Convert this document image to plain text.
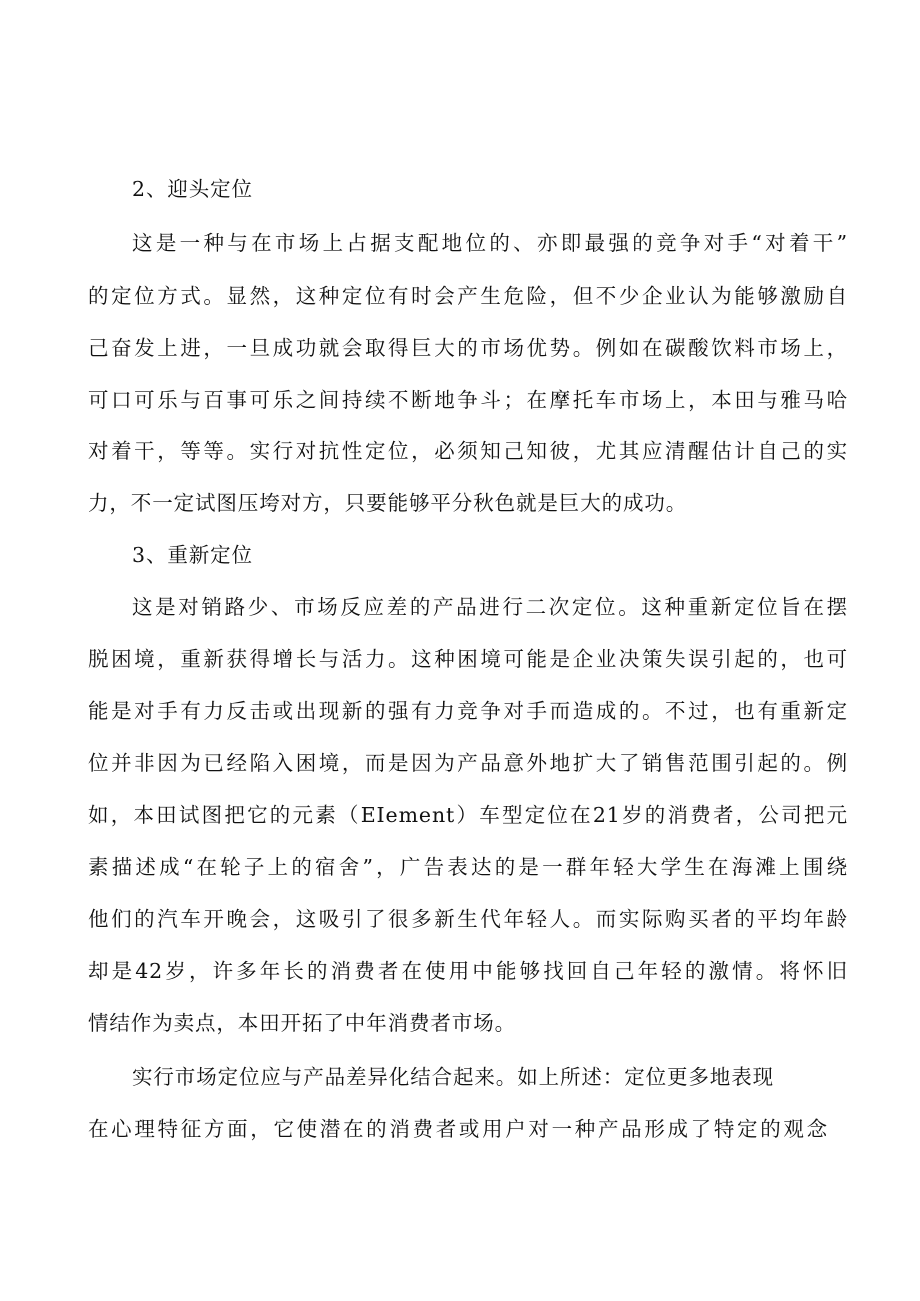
2、迎头定位

这是一种与在市场上占据支配地位的、亦即最强的竞争对手“对着干”

的定位方式。显然，这种定位有时会产生危险，但不少企业认为能够激励自

己奋发上进，一旦成功就会取得巨大的市场优势。例如在碳酸饮料市场上，

可口可乐与百事可乐之间持续不断地争斗；在摩托车市场上，本田与雅马哈

对着干，等等。实行对抗性定位，必须知己知彼，尤其应清醒估计自己的实

力，不一定试图压垮对方，只要能够平分秋色就是巨大的成功。

3、重新定位

这是对销路少、市场反应差的产品进行二次定位。这种重新定位旨在摆

脱困境，重新获得增长与活力。这种困境可能是企业决策失误引起的，也可

能是对手有力反击或出现新的强有力竞争对手而造成的。不过，也有重新定

位并非因为已经陷入困境，而是因为产品意外地扩大了销售范围引起的。例

如，本田试图把它的元素（EIement）车型定位在21岁的消费者，公司把元

素描述成“在轮子上的宿舍”，广告表达的是一群年轻大学生在海滩上围绕

他们的汽车开晚会，这吸引了很多新生代年轻人。而实际购买者的平均年龄

却是42岁，许多年长的消费者在使用中能够找回自己年轻的激情。将怀旧

情结作为卖点，本田开拓了中年消费者市场。

实行市场定位应与产品差异化结合起来。如上所述：定位更多地表现

在心理特征方面，它使潜在的消费者或用户对一种产品形成了特定的观念
